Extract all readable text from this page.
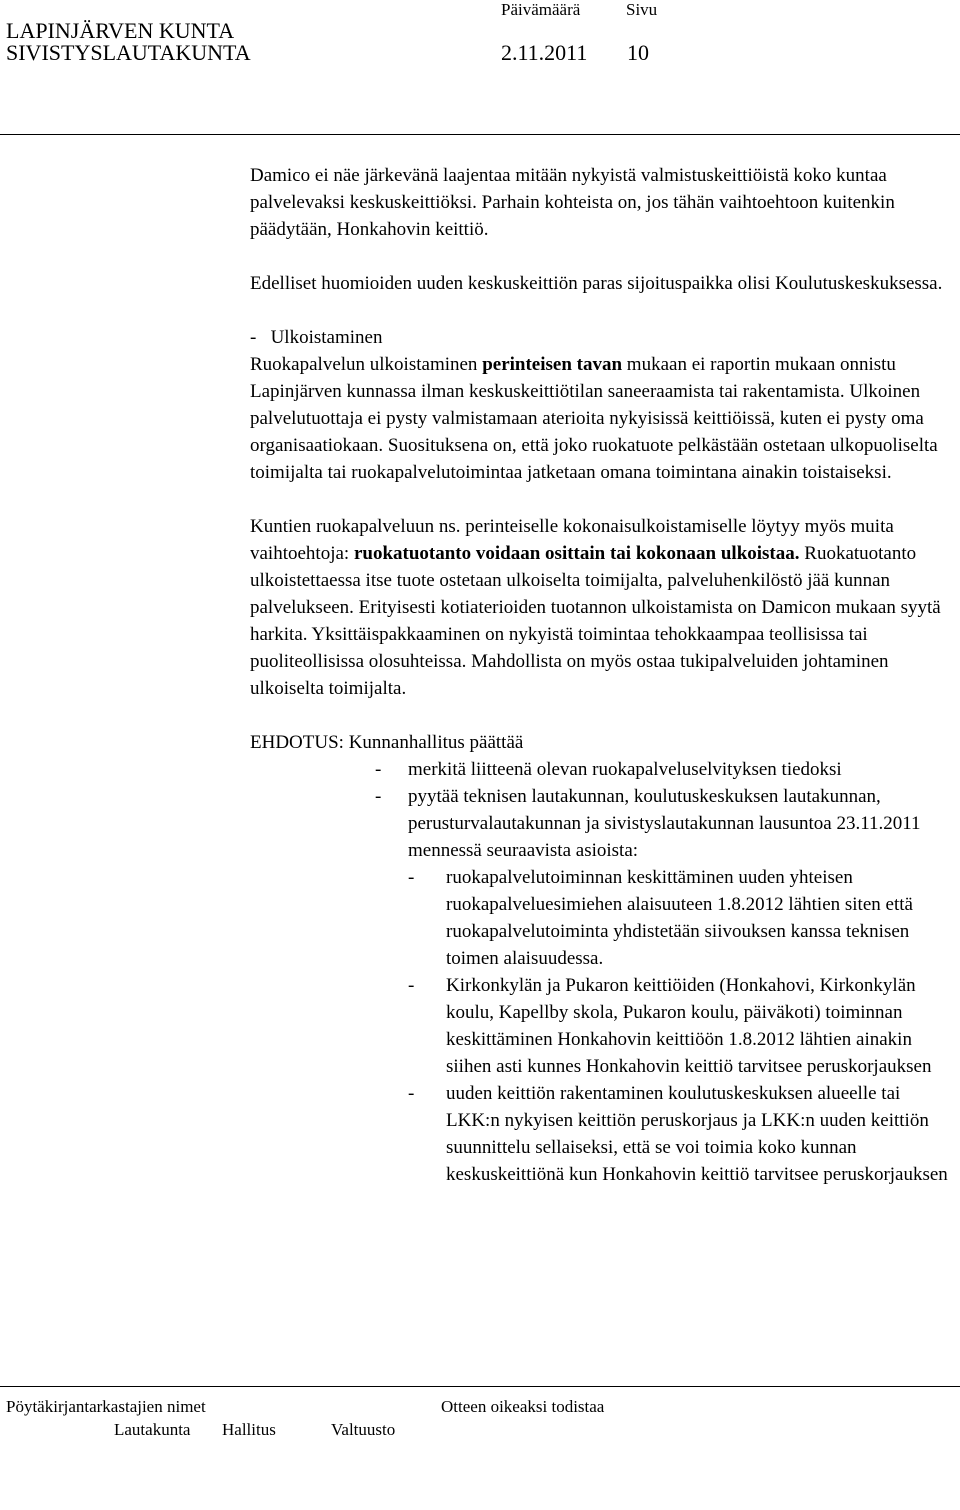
LAPINJÄRVEN KUNTA
SIVISTYSLAUTAKUNTA
Päivämäärä	Sivu
2.11.2011 10

Damico ei näe järkevänä laajentaa mitään nykyistä valmistuskeittiöistä koko kuntaa palvelevaksi keskuskeittiöksi. Parhain kohteista on, jos tähän vaihtoehtoon kuitenkin päädytään, Honkahovin keittiö.

Edelliset huomioiden uuden keskuskeittiön paras sijoituspaikka olisi Koulutuskeskuksessa.

-   Ulkoistaminen

Ruokapalvelun ulkoistaminen perinteisen tavan mukaan ei raportin mukaan onnistu Lapinjärven kunnassa ilman keskuskeittiötilan saneeraamista tai rakentamista. Ulkoinen palvelutuottaja ei pysty valmistamaan aterioita nykyisissä keittiöissä, kuten ei pysty oma organisaatiokaan. Suosituksena on, että joko ruokatuote pelkästään ostetaan ulkopuoliselta toimijalta tai ruokapalvelutoimintaa jatketaan omana toimintana ainakin toistaiseksi.

Kuntien ruokapalveluun ns. perinteiselle kokonaisulkoistamiselle löytyy myös muita vaihtoehtoja: ruokatuotanto voidaan osittain tai kokonaan ulkoistaa. Ruokatuotanto ulkoistettaessa itse tuote ostetaan ulkoiselta toimijalta, palveluhenkilöstö jää kunnan palvelukseen. Erityisesti kotiaterioiden tuotannon ulkoistamista on Damicon mukaan syytä harkita. Yksittäispakkaaminen on nykyistä toimintaa tehokkaampaa teollisissa tai puoliteollisissa olosuhteissa. Mahdollista on myös ostaa tukipalveluiden johtaminen ulkoiselta toimijalta.

EHDOTUS: Kunnanhallitus päättää

- merkitä liitteenä olevan ruokapalveluselvityksen tiedoksi
- pyytää teknisen lautakunnan, koulutuskeskuksen lautakunnan, perusturvalautakunnan ja sivistyslautakunnan lausuntoa 23.11.2011 mennessä seuraavista asioista:
- ruokapalvelutoiminnan keskittäminen uuden yhteisen ruokapalveluesimiehen alaisuuteen 1.8.2012 lähtien siten että ruokapalvelutoiminta yhdistetään siivouksen kanssa teknisen toimen alaisuudessa.
- Kirkonkylän ja Pukaron keittiöiden (Honkahovi, Kirkonkylän koulu, Kapellby skola, Pukaron koulu, päiväkoti) toiminnan keskittäminen Honkahovin keittiöön 1.8.2012 lähtien ainakin siihen asti kunnes Honkahovin keittiö tarvitsee peruskorjauksen
- uuden keittiön rakentaminen koulutuskeskuksen alueelle tai LKK:n nykyisen keittiön peruskorjaus ja LKK:n uuden keittiön suunnittelu sellaiseksi, että se voi toimia koko kunnan keskuskeittiönä kun Honkahovin keittiö tarvitsee peruskorjauksen
Pöytäkirjantarkastajien nimet	Otteen oikeaksi todistaa
Lautakunta Hallitus	Valtuusto
